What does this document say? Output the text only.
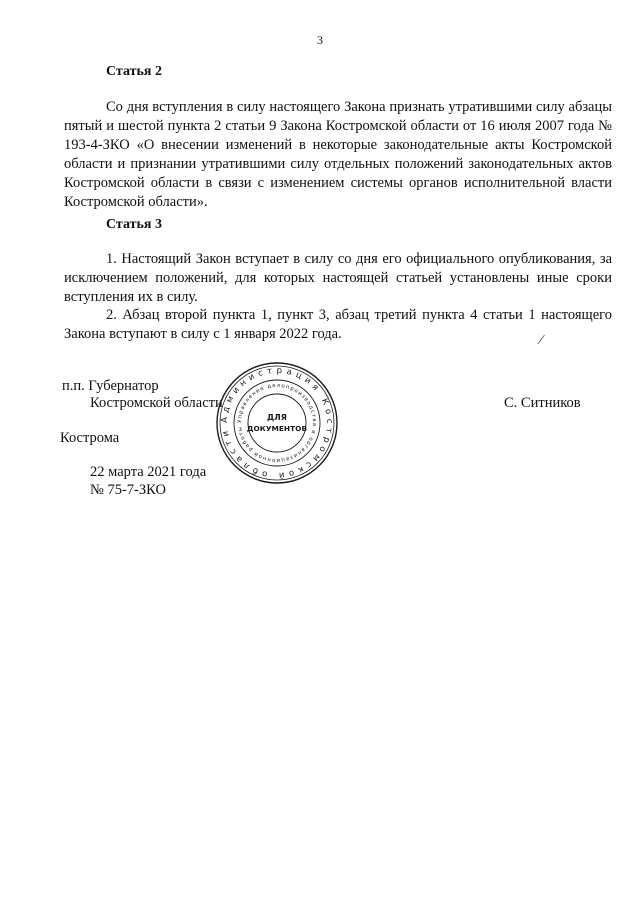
3
Статья 2

Со дня вступления в силу настоящего Закона признать утратившими силу абзацы пятый и шестой пункта 2 статьи 9 Закона Костромской области от 16 июля 2007 года № 193-4-ЗКО «О внесении изменений в некоторые законодательные акты Костромской области и признании утратившими силу отдельных положений законодательных актов Костромской области в связи с изменением системы органов исполнительной власти Костромской области».

Статья 3

1. Настоящий Закон вступает в силу со дня его официального опубликования, за исключением положений, для которых настоящей статьей установлены иные сроки вступления их в силу.

2. Абзац второй пункта 1, пункт 3, абзац третий пункта 4 статьи 1 настоящего Закона вступают в силу с 1 января 2022 года.	⁄
п.п. Губернатор
Костромской области	С. Ситников
Кострома
22 марта 2021 года
№ 75-7-ЗКО
Администрация Костромской области
Управление делопроизводства и организационной работы
ДЛЯ
ДОКУМЕНТОВ
